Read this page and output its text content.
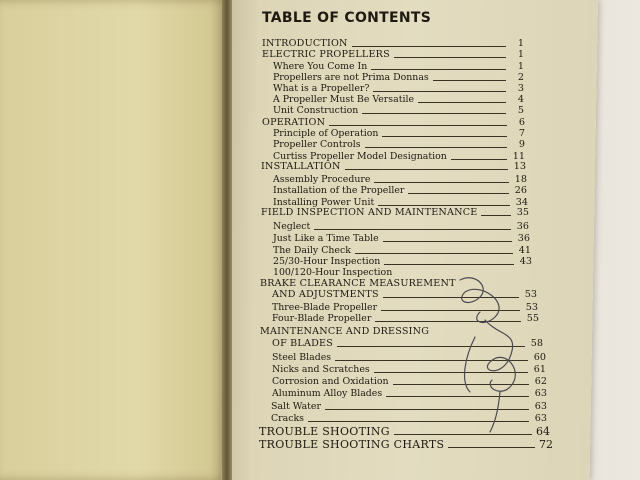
TABLE OF CONTENTS
INTRODUCTION	1
ELECTRIC PROPELLERS	1
Where You Come In	1
Propellers are not Prima Donnas	2
What is a Propeller?	3
A Propeller Must Be Versatile	4
Unit Construction	5
OPERATION	6
Principle of Operation	7
Propeller Controls	9
Curtiss Propeller Model Designation	11
INSTALLATION	13
Assembly Procedure	18
Installation of the Propeller	26
Installing Power Unit	34
FIELD INSPECTION AND MAINTENANCE	35
Neglect	36
Just Like a Time Table	36
The Daily Check	41
25/30-Hour Inspection	43
100/120-Hour Inspection
BRAKE CLEARANCE MEASUREMENT
AND ADJUSTMENTS	53
Three-Blade Propeller	53
Four-Blade Propeller	55
MAINTENANCE AND DRESSING
OF BLADES	58
Steel Blades	60
Nicks and Scratches	61
Corrosion and Oxidation	62
Aluminum Alloy Blades	63
Salt Water	63
Cracks	63
TROUBLE SHOOTING	64
TROUBLE SHOOTING CHARTS	72
